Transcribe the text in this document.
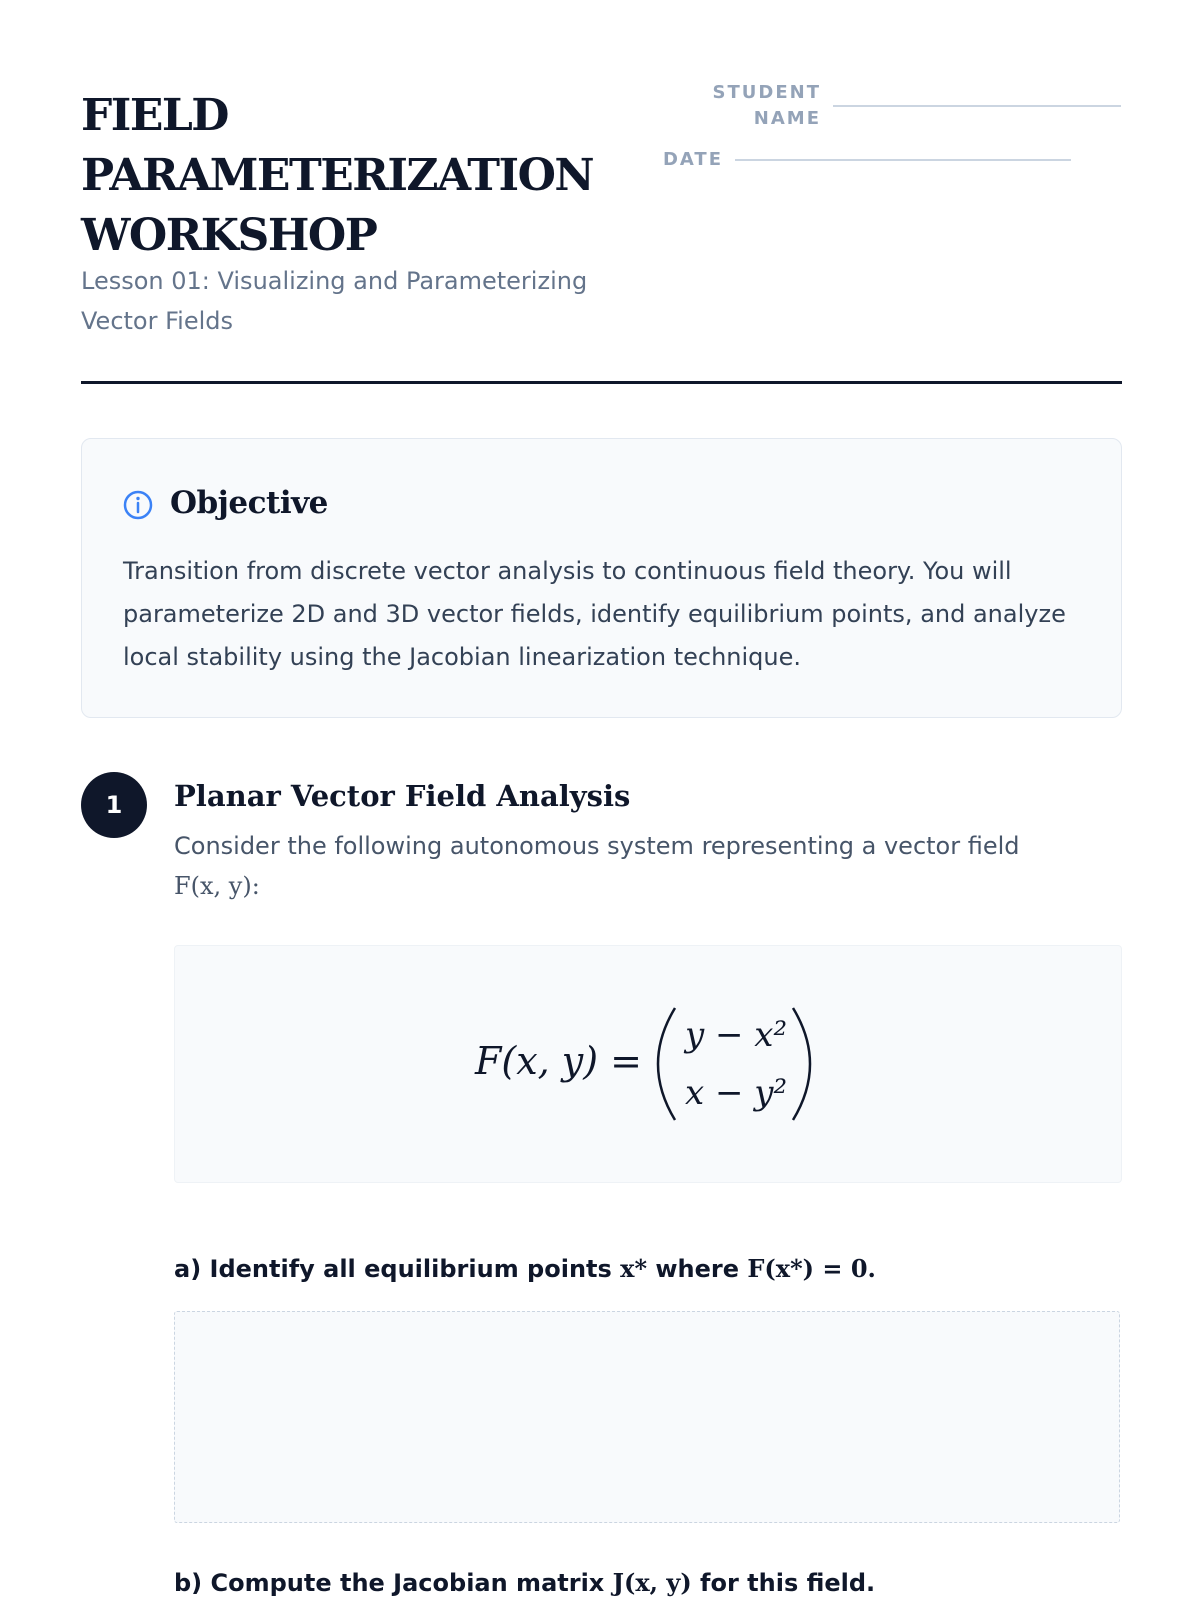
FIELD PARAMETERIZATION WORKSHOP

Lesson 01: Visualizing and Parameterizing Vector Fields

STUDENT NAME
DATE
Objective

Transition from discrete vector analysis to continuous field theory. You will parameterize 2D and 3D vector fields, identify equilibrium points, and analyze local stability using the Jacobian linearization technique.

1	Planar Vector Field Analysis

Consider the following autonomous system representing a vector field
F(x, y):

F(x, y) =
y − x²
x − y²

a) Identify all equilibrium points x* where F(x*) = 0.

b) Compute the Jacobian matrix J(x, y) for this field.
